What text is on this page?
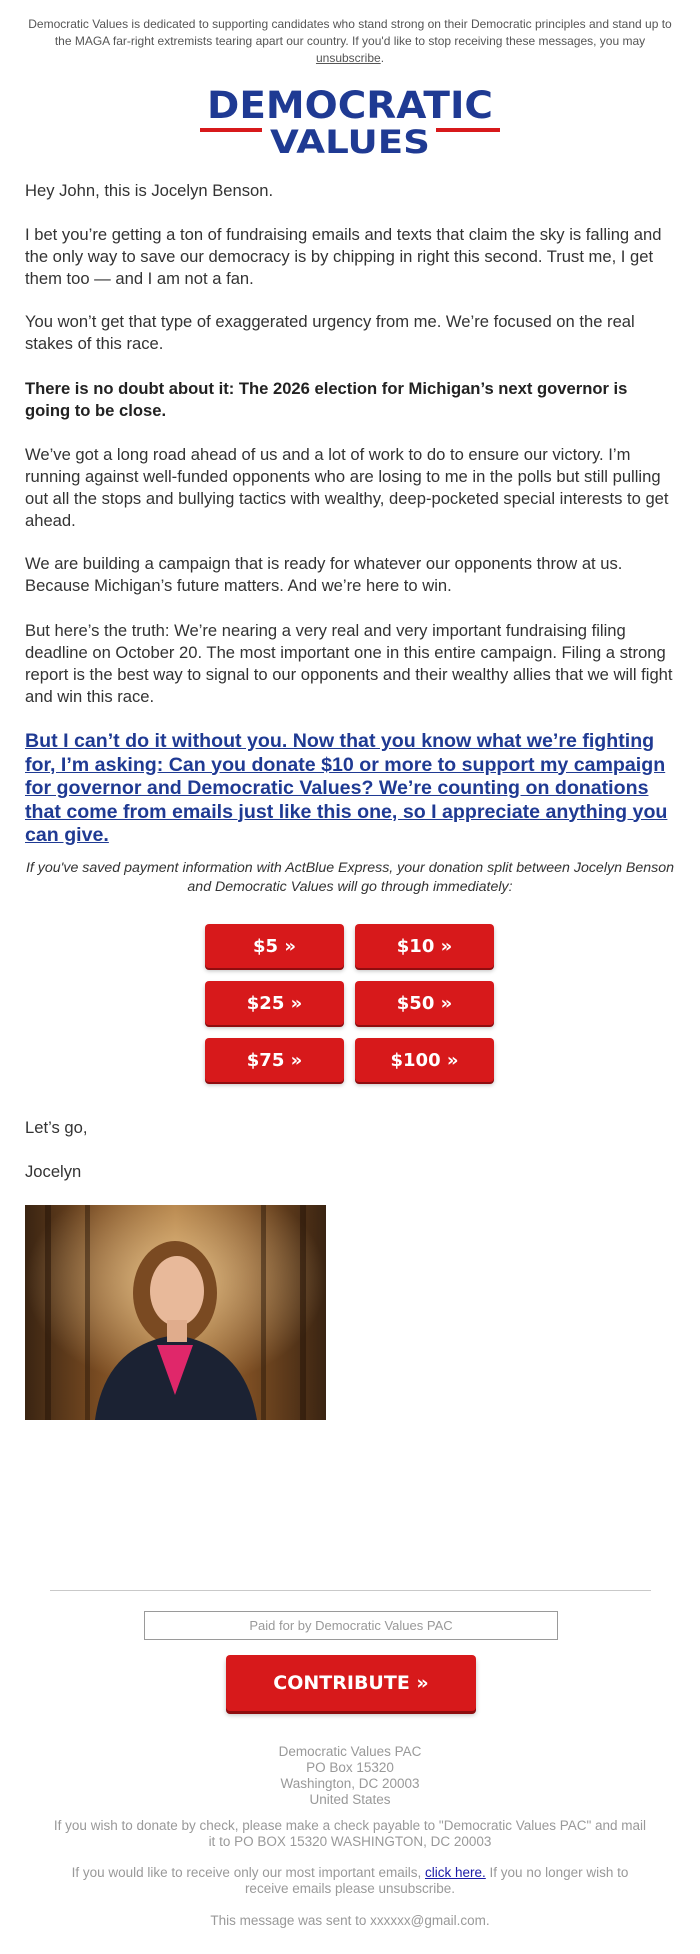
Democratic Values is dedicated to supporting candidates who stand strong on their Democratic principles and stand up to the MAGA far-right extremists tearing apart our country. If you'd like to stop receiving these messages, you may unsubscribe.

DEMOCRATIC
VALUES

Hey John, this is Jocelyn Benson.

I bet you’re getting a ton of fundraising emails and texts that claim the sky is falling and the only way to save our democracy is by chipping in right this second. Trust me, I get them too — and I am not a fan.

You won’t get that type of exaggerated urgency from me. We’re focused on the real stakes of this race.

There is no doubt about it: The 2026 election for Michigan’s next governor is going to be close.

We’ve got a long road ahead of us and a lot of work to do to ensure our victory. I’m running against well-funded opponents who are losing to me in the polls but still pulling out all the stops and bullying tactics with wealthy, deep-pocketed special interests to get ahead.

We are building a campaign that is ready for whatever our opponents throw at us. Because Michigan’s future matters. And we’re here to win.

But here’s the truth: We’re nearing a very real and very important fundraising filing deadline on October 20. The most important one in this entire campaign. Filing a strong report is the best way to signal to our opponents and their wealthy allies that we will fight and win this race.

But I can’t do it without you. Now that you know what we’re fighting for, I’m asking: Can you donate $10 or more to support my campaign for governor and Democratic Values? We’re counting on donations that come from emails just like this one, so I appreciate anything you can give.

If you've saved payment information with ActBlue Express, your donation split between Jocelyn Benson and Democratic Values will go through immediately:

$5 »	$10 »
$25 »	$50 »
$75 »	$100 »

Let’s go,

Jocelyn

Paid for by Democratic Values PAC
CONTRIBUTE »

Democratic Values PAC

PO Box 15320

Washington, DC 20003

United States

If you wish to donate by check, please make a check payable to "Democratic Values PAC" and mail it to PO BOX 15320 WASHINGTON, DC 20003

If you would like to receive only our most important emails, click here. If you no longer wish to receive emails please unsubscribe.

This message was sent to xxxxxx@gmail.com.
